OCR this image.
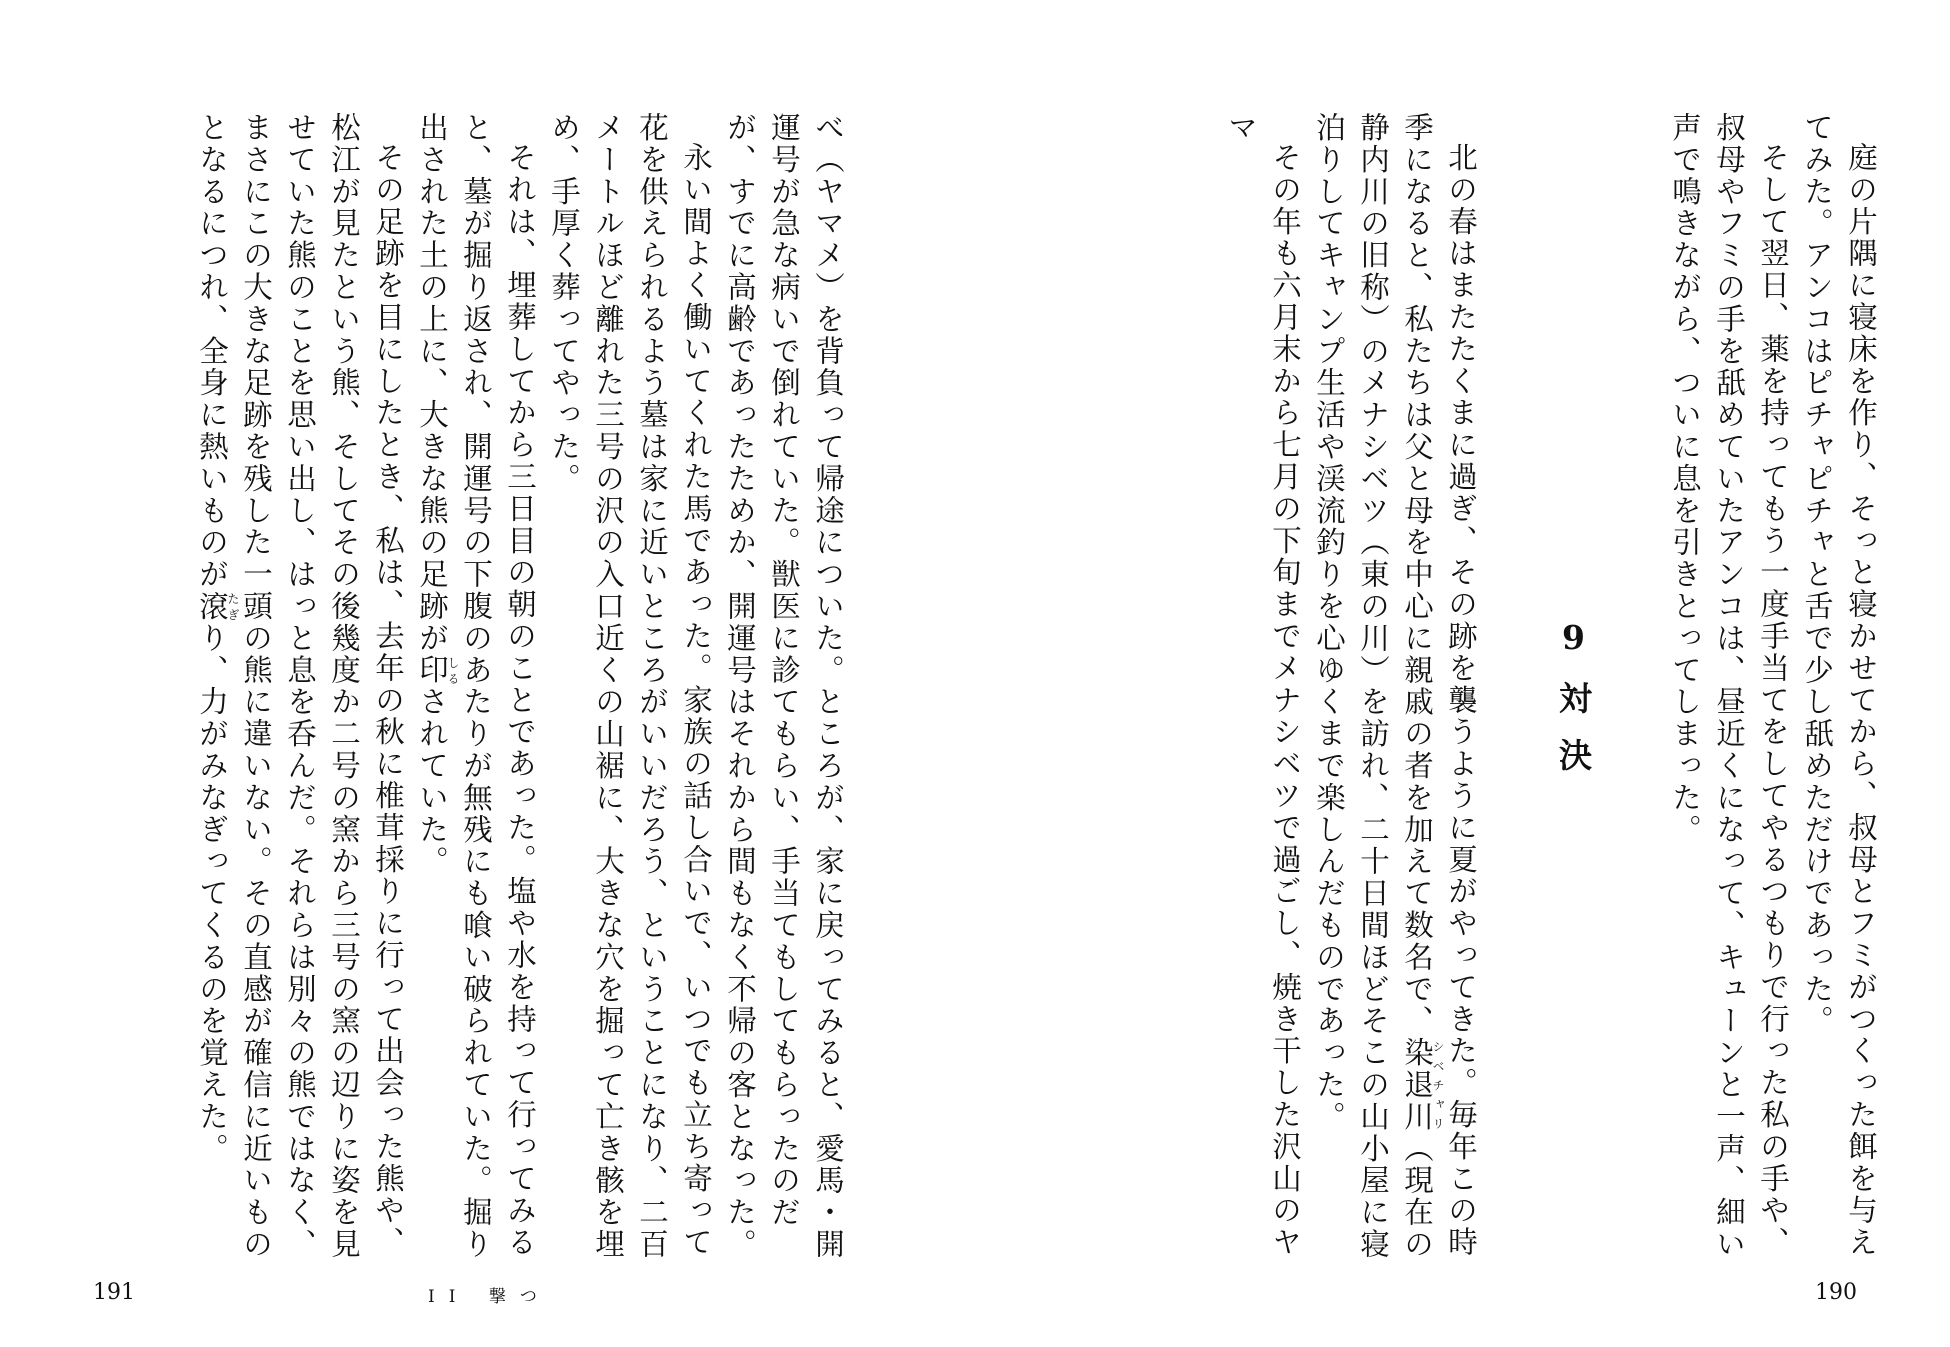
庭の片隅に寝床を作り、そっと寝かせてから、叔母とフミがつくった餌を与えてみた。アンコはピチャピチャと舌で少し舐めただけであった。

そして翌日、薬を持ってもう一度手当てをしてやるつもりで行った私の手や、叔母やフミの手を舐めていたアンコは、昼近くになって、キューンと一声、細い声で鳴きながら、ついに息を引きとってしまった。

9
対決

北の春はまたたくまに過ぎ、その跡を襲うように夏がやってきた。毎年この時季になると、私たちは父と母を中心に親戚の者を加えて数名で、染退川シベチャリ（現在の静内川の旧称）のメナシベツ（東の川）を訪れ、二十日間ほどそこの山小屋に寝泊りしてキャンプ生活や渓流釣りを心ゆくまで楽しんだものであった。

その年も六月末から七月の下旬までメナシベツで過ごし、焼き干した沢山のヤマ

べ（ヤマメ）を背負って帰途についた。ところが、家に戻ってみると、愛馬・開運号が急な病いで倒れていた。獣医に診てもらい、手当てもしてもらったのだが、すでに高齢であったためか、開運号はそれから間もなく不帰の客となった。

永い間よく働いてくれた馬であった。家族の話し合いで、いつでも立ち寄って花を供えられるよう墓は家に近いところがいいだろう、ということになり、二百メートルほど離れた三号の沢の入口近くの山裾に、大きな穴を掘って亡き骸を埋め、手厚く葬ってやった。

それは、埋葬してから三日目の朝のことであった。塩や水を持って行ってみると、墓が掘り返され、開運号の下腹のあたりが無残にも喰い破られていた。掘り出された土の上に、大きな熊の足跡が印しるされていた。

その足跡を目にしたとき、私は、去年の秋に椎茸採りに行って出会った熊や、松江が見たという熊、そしてその後幾度か二号の窯から三号の窯の辺りに姿を見せていた熊のことを思い出し、はっと息を呑んだ。それらは別々の熊ではなく、まさにこの大きな足跡を残した一頭の熊に違いない。その直感が確信に近いものとなるにつれ、全身に熱いものが滾たぎり、力がみなぎってくるのを覚えた。

191	II 撃つ	190
